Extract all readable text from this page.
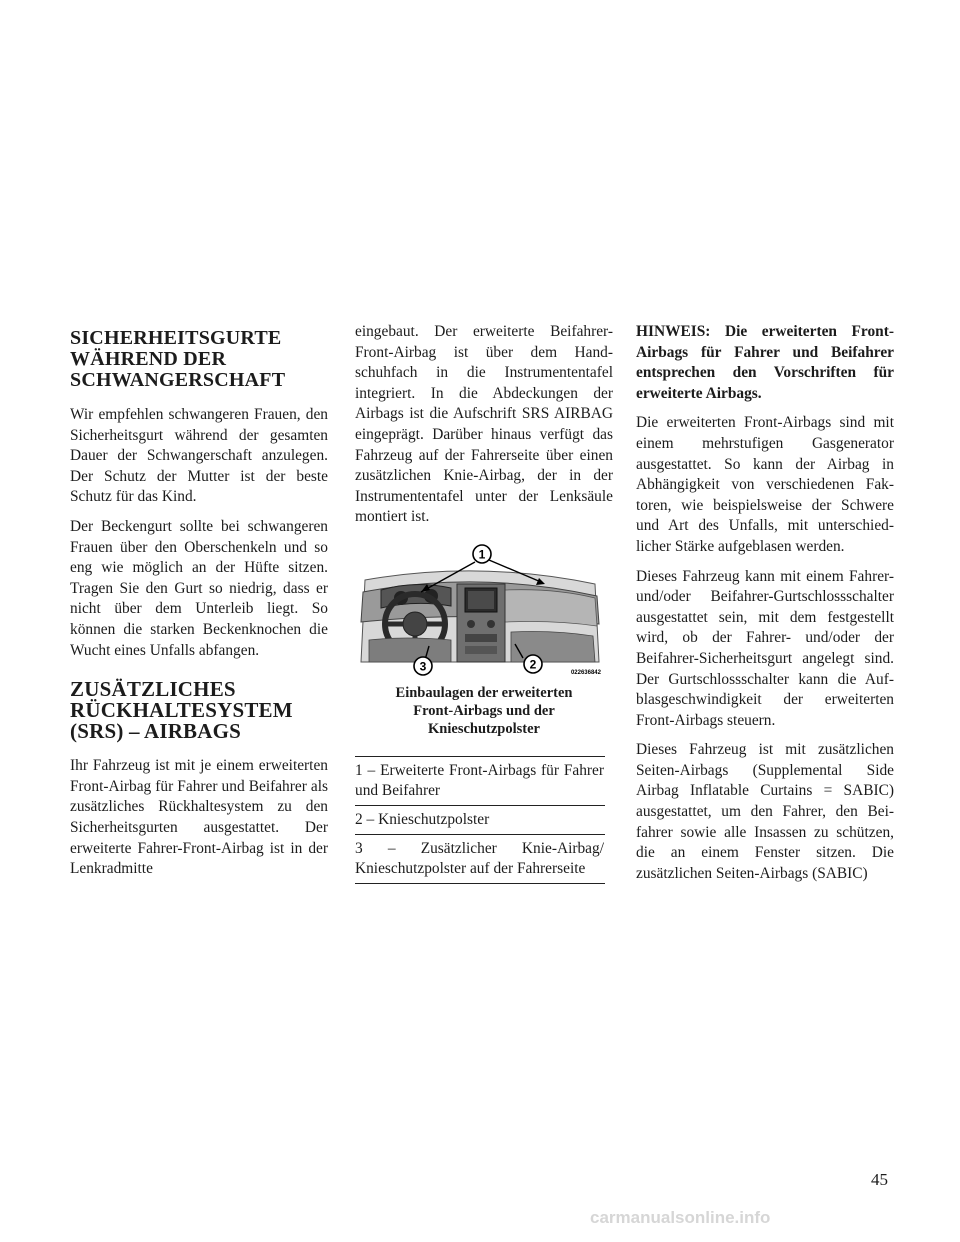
SICHERHEITSGURTE
WÄHREND DER
SCHWANGERSCHAFT

Wir empfehlen schwangeren Frauen, den Sicherheitsgurt während der gesamten Dauer der Schwangerschaft anzulegen. Der Schutz der Mutter ist der beste Schutz für das Kind.

Der Beckengurt sollte bei schwangeren Frauen über den Oberschenkeln und so eng wie möglich an der Hüfte sitzen. Tragen Sie den Gurt so niedrig, dass er nicht über dem Unterleib liegt. So können die starken Beckenknochen die Wucht eines Unfalls abfangen.

ZUSÄTZLICHES
RÜCKHALTESYSTEM
(SRS) – AIRBAGS

Ihr Fahrzeug ist mit je einem erweiterten Front-Airbag für Fahrer und Beifahrer als zusätzliches Rückhaltesystem zu den Sicherheitsgurten ausgestattet. Der erweiterte Fahrer-Front-Airbag ist in der Lenkradmitte

eingebaut. Der erweiterte Beifahrer-Front-Airbag ist über dem Handschuhfach in die Instrumententafel integriert. In die Abdeckungen der Airbags ist die Aufschrift SRS AIRBAG eingeprägt. Darüber hinaus verfügt das Fahrzeug auf der Fahrerseite über einen zusätzlichen Knie-Airbag, der in der Instrumententafel unter der Lenksäule montiert ist.

1
2
3	022636842
Einbaulagen der erweiterten
Front-Airbags und der
Knieschutzpolster
1 – Erweiterte Front-Airbags für Fahrer und Beifahrer
2 – Knieschutzpolster
3 – Zusätzlicher Knie-Airbag/ Knieschutzpolster auf der Fahrerseite

HINWEIS: Die erweiterten Front-Airbags für Fahrer und Beifahrer entsprechen den Vorschriften für erweiterte Airbags.

Die erweiterten Front-Airbags sind mit einem mehrstufigen Gasgenerator ausgestattet. So kann der Airbag in Abhängigkeit von verschiedenen Faktoren, wie beispielsweise der Schwere und Art des Unfalls, mit unterschiedlicher Stärke aufgeblasen werden.

Dieses Fahrzeug kann mit einem Fahrer- und/oder Beifahrer-Gurtschlossschalter ausgestattet sein, mit dem festgestellt wird, ob der Fahrer- und/oder der Beifahrer-Sicherheitsgurt angelegt sind. Der Gurtschlossschalter kann die Aufblasgeschwindigkeit der erweiterten Front-Airbags steuern.

Dieses Fahrzeug ist mit zusätzlichen Seiten-Airbags (Supplemental Side Airbag Inflatable Curtains = SABIC) ausgestattet, um den Fahrer, den Beifahrer sowie alle Insassen zu schützen, die an einem Fenster sitzen. Die zusätzlichen Seiten-Airbags (SABIC)

45
carmanualsonline.info
